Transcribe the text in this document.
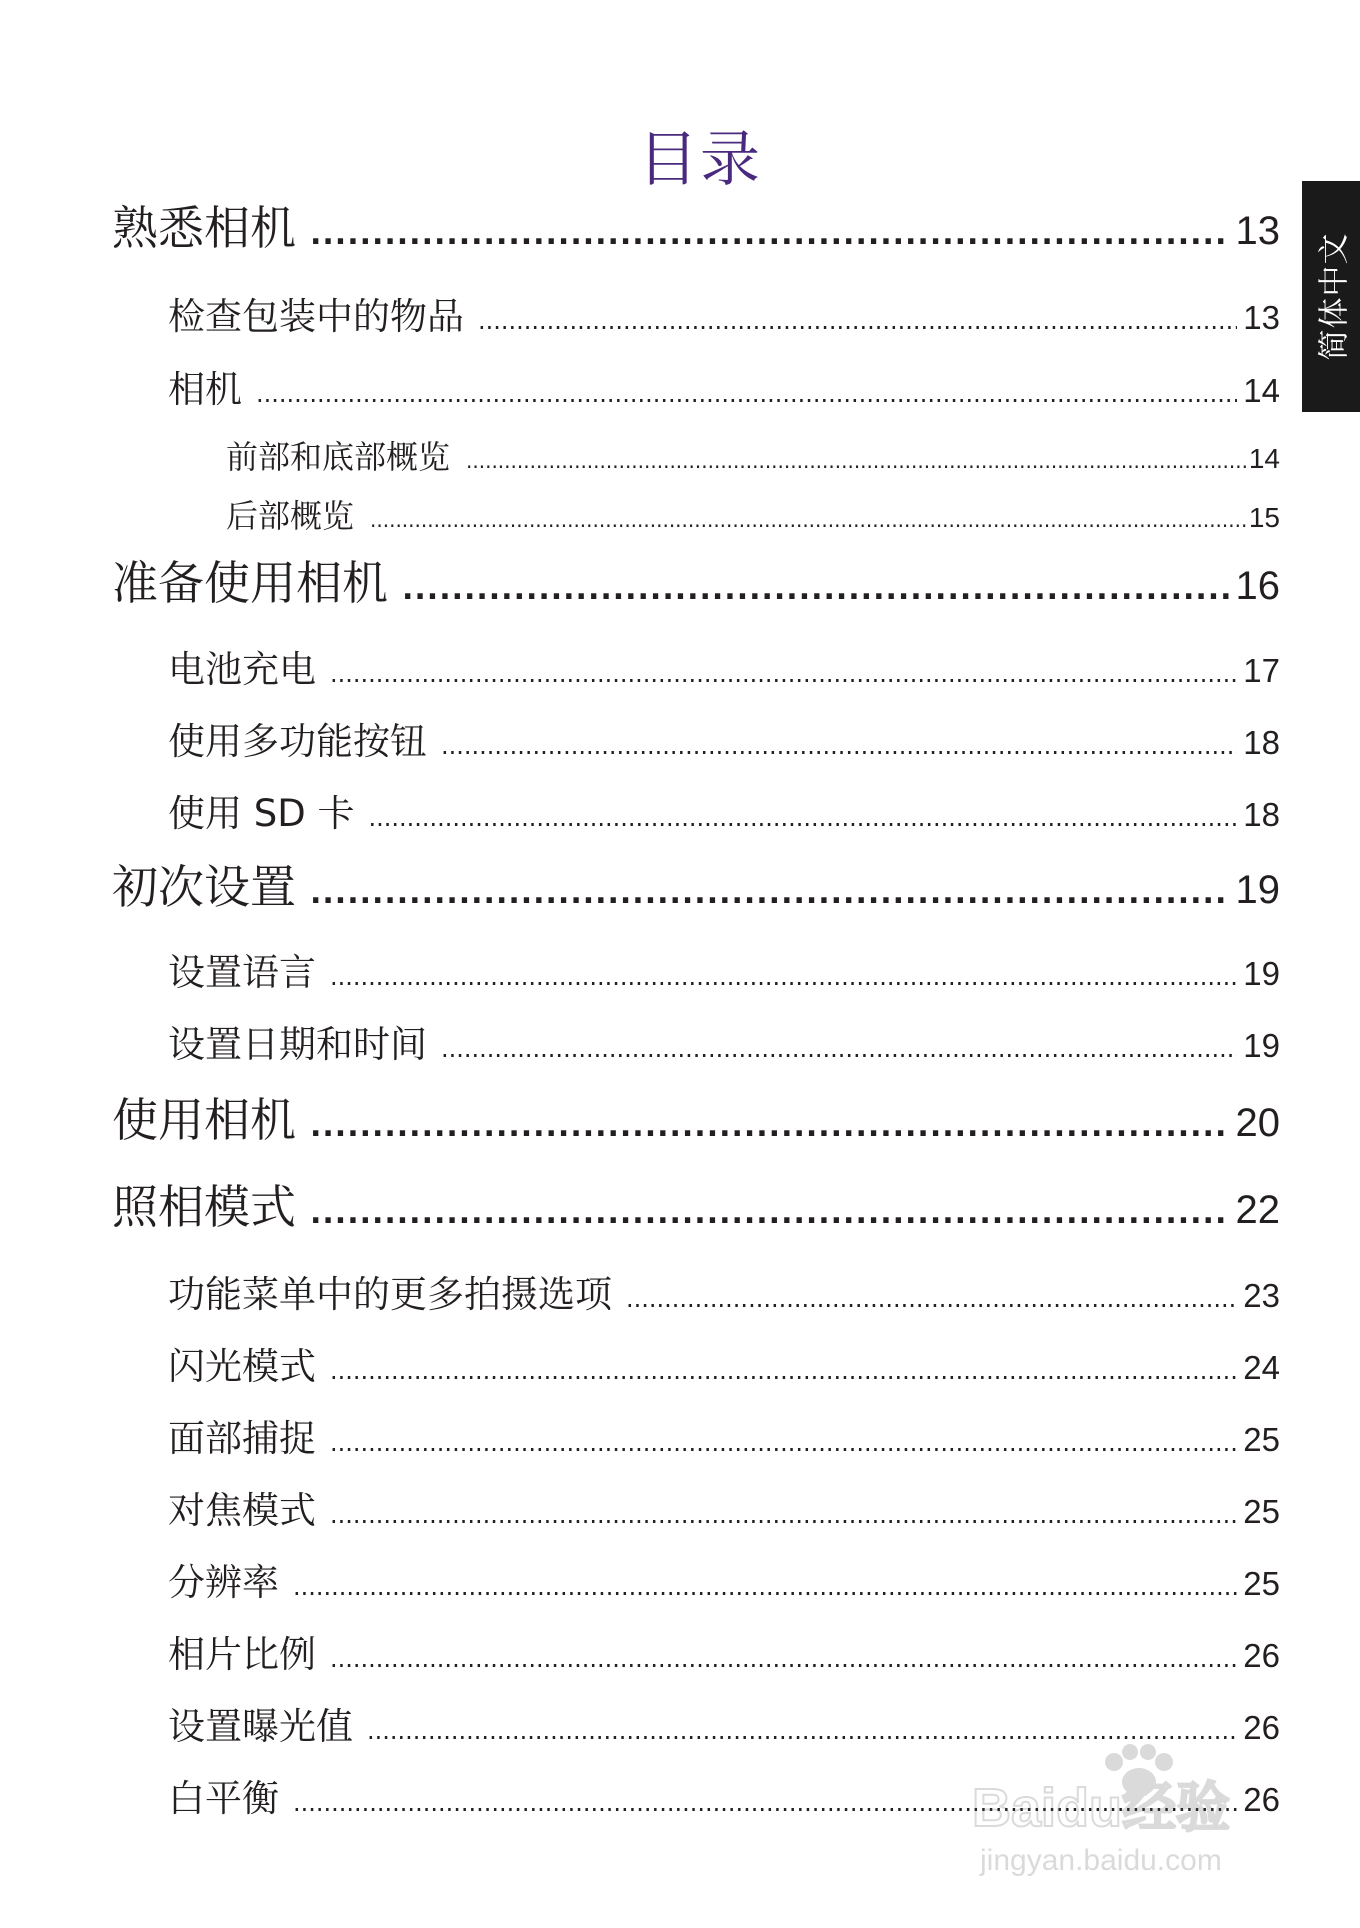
目录
简体中文
熟悉相机 .....	13
检查包装中的物品 .....	13
相机 .....	14
前部和底部概览 .....	14
后部概览 .....	15
准备使用相机 .....	16
电池充电 .....	17
使用多功能按钮 .....	18
使用 SD 卡 .....	18
初次设置 .....	19
设置语言 .....	19
设置日期和时间 .....	19
使用相机 .....	20
照相模式 .....	22
功能菜单中的更多拍摄选项 .....	23
闪光模式 .....	24
面部捕捉 .....	25
对焦模式 .....	25
分辨率 .....	25
相片比例 .....	26
设置曝光值 .....	26
白平衡 .....	26
Baidu经验
jingyan.baidu.com
